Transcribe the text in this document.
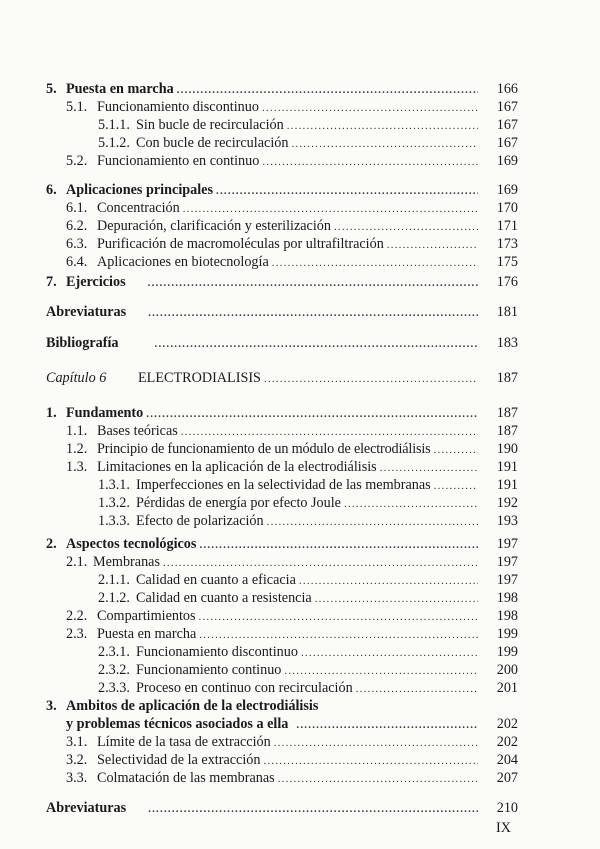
5. Puesta en marcha .....	166
5.1. Funcionamiento discontinuo .....	167
5.1.1. Sin bucle de recirculación .....	167
5.1.2. Con bucle de recirculación .....	167
5.2. Funcionamiento en continuo .....	169
6. Aplicaciones principales .....	169
6.1. Concentración .....	170
6.2. Depuración, clarificación y esterilización .....	171
6.3. Purificación de macromoléculas por ultrafiltración .....	173
6.4. Aplicaciones en biotecnología .....	175
7. Ejercicios .....	176
Abreviaturas .....	181
Bibliografía .....	183
Capítulo 6	ELECTRODIALISIS .....	187
1. Fundamento .....	187
1.1. Bases teóricas .....	187
1.2. Principio de funcionamiento de un módulo de electrodiálisis .....	190
1.3. Limitaciones en la aplicación de la electrodiálisis .....	191
1.3.1. Imperfecciones en la selectividad de las membranas .....	191
1.3.2. Pérdidas de energía por efecto Joule .....	192
1.3.3. Efecto de polarización .....	193
2. Aspectos tecnológicos .....	197
2.1. Membranas .....	197
2.1.1. Calidad en cuanto a eficacia .....	197
2.1.2. Calidad en cuanto a resistencia .....	198
2.2. Compartimientos .....	198
2.3. Puesta en marcha .....	199
2.3.1. Funcionamiento discontinuo .....	199
2.3.2. Funcionamiento continuo .....	200
2.3.3. Proceso en continuo con recirculación .....	201
3. Ambitos de aplicación de la electrodiálisis
y problemas técnicos asociados a ella .....	202
3.1. Límite de la tasa de extracción .....	202
3.2. Selectividad de la extracción .....	204
3.3. Colmatación de las membranas .....	207
Abreviaturas .....	210
IX
